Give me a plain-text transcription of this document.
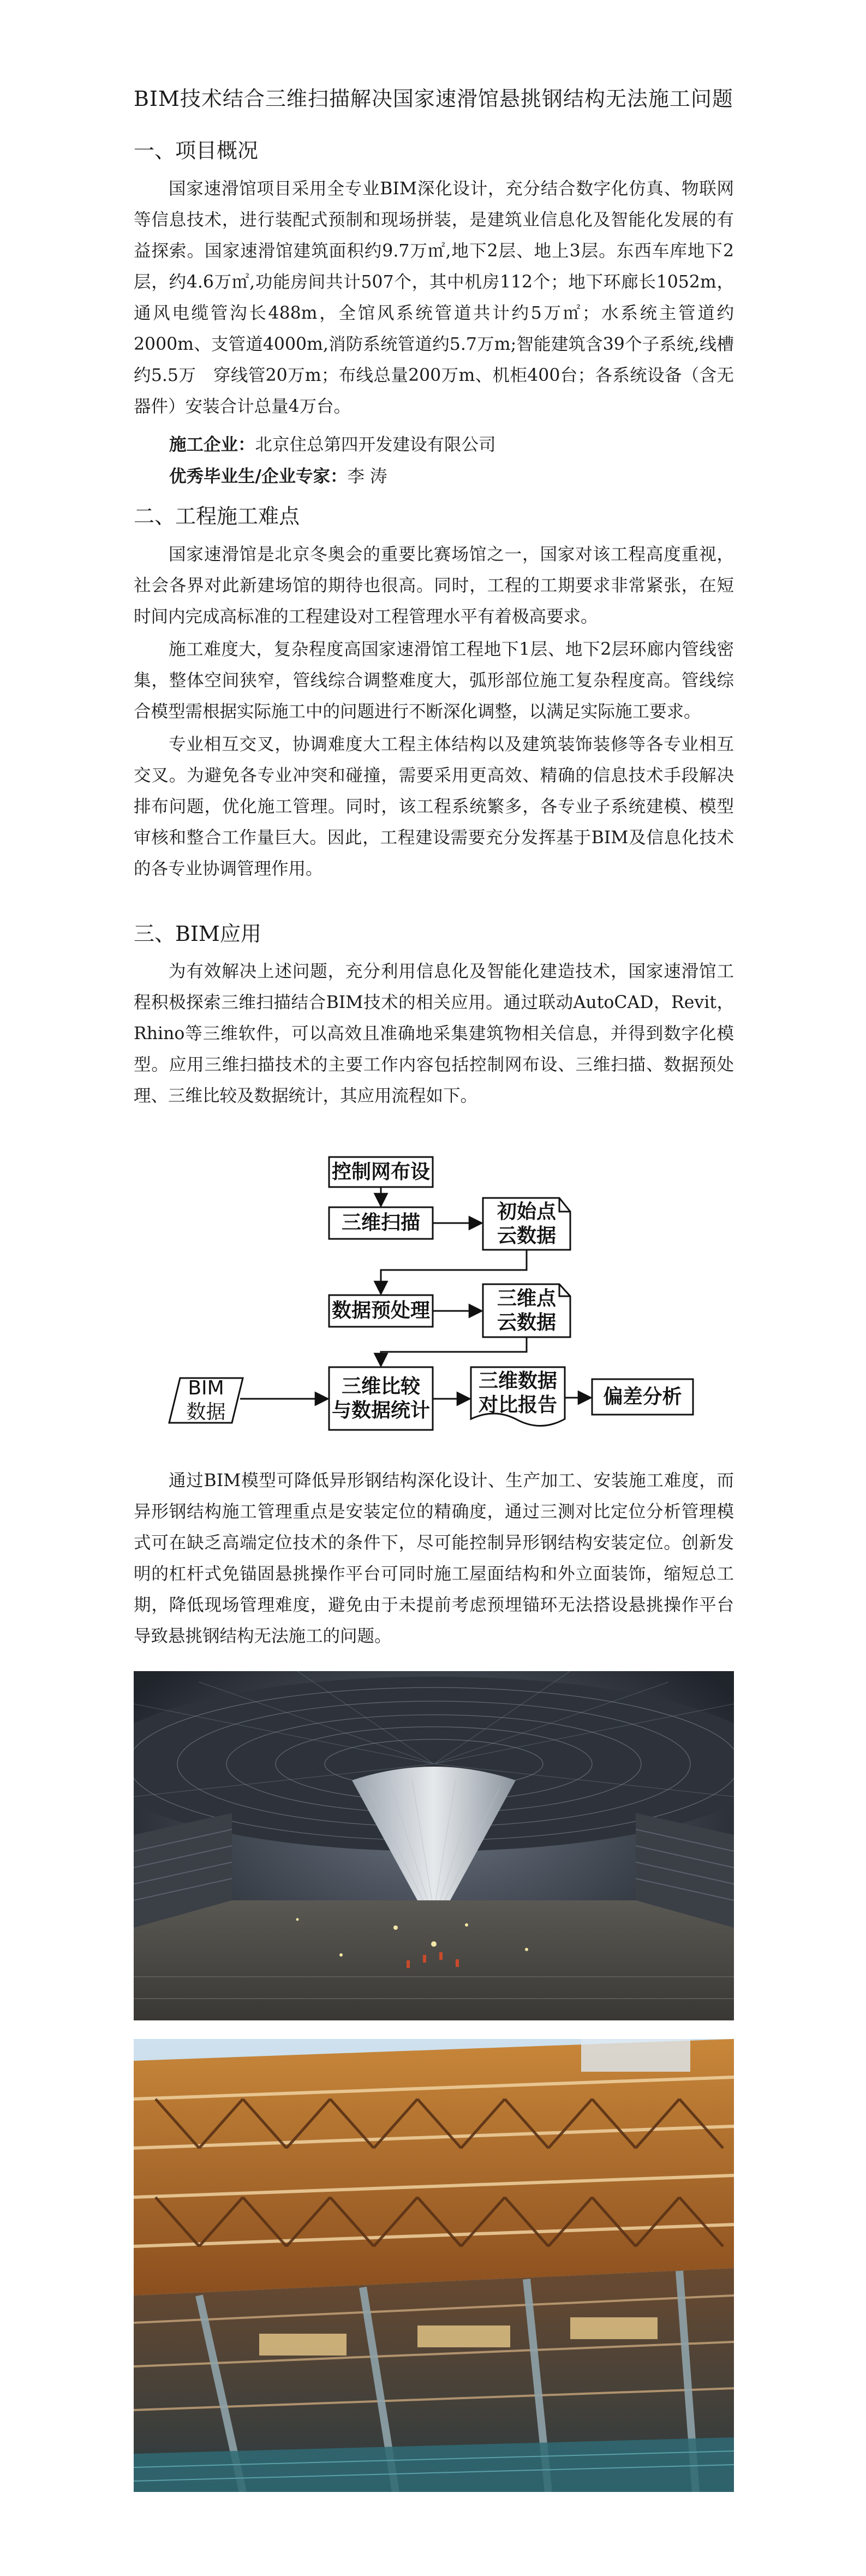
BIM技术结合三维扫描解决国家速滑馆悬挑钢结构无法施工问题
一、项目概况
国家速滑馆项目采用全专业BIM深化设计，充分结合数字化仿真、物联网等信息技术，进行装配式预制和现场拼装，是建筑业信息化及智能化发展的有益探索。国家速滑馆建筑面积约9.7万㎡,地下2层、地上3层。东西车库地下2层，约4.6万㎡,功能房间共计507个，其中机房112个；地下环廊长1052m，通风电缆管沟长488m，全馆风系统管道共计约5万㎡；水系统主管道约2000m、支管道4000m,消防系统管道约5.7万m;智能建筑含39个子系统,线槽约5.5万　穿线管20万m；布线总量200万m、机柜400台；各系统设备（含无器件）安装合计总量4万台。
施工企业：北京住总第四开发建设有限公司
优秀毕业生/企业专家：李 涛
二、工程施工难点
国家速滑馆是北京冬奥会的重要比赛场馆之一，国家对该工程高度重视，社会各界对此新建场馆的期待也很高。同时，工程的工期要求非常紧张，在短时间内完成高标准的工程建设对工程管理水平有着极高要求。
施工难度大，复杂程度高国家速滑馆工程地下1层、地下2层环廊内管线密集，整体空间狭窄，管线综合调整难度大，弧形部位施工复杂程度高。管线综合模型需根据实际施工中的问题进行不断深化调整，以满足实际施工要求。
专业相互交叉，协调难度大工程主体结构以及建筑装饰装修等各专业相互交叉。为避免各专业冲突和碰撞，需要采用更高效、精确的信息技术手段解决排布问题，优化施工管理。同时，该工程系统繁多，各专业子系统建模、模型审核和整合工作量巨大。因此，工程建设需要充分发挥基于BIM及信息化技术的各专业协调管理作用。
三、BIM应用
为有效解决上述问题，充分利用信息化及智能化建造技术，国家速滑馆工程积极探索三维扫描结合BIM技术的相关应用。通过联动AutoCAD，Revit，Rhino等三维软件，可以高效且准确地采集建筑物相关信息，并得到数字化模型。应用三维扫描技术的主要工作内容包括控制网布设、三维扫描、数据预处理、三维比较及数据统计，其应用流程如下。
控制网布设
三维扫描	初始点
云数据
数据预处理
三维点
云数据
BIM
数据
三维比较
与数据统计
三维数据
对比报告	偏差分析
通过BIM模型可降低异形钢结构深化设计、生产加工、安装施工难度，而异形钢结构施工管理重点是安装定位的精确度，通过三测对比定位分析管理模式可在缺乏高端定位技术的条件下，尽可能控制异形钢结构安装定位。创新发明的杠杆式免锚固悬挑操作平台可同时施工屋面结构和外立面装饰，缩短总工期，降低现场管理难度，避免由于未提前考虑预埋锚环无法搭设悬挑操作平台导致悬挑钢结构无法施工的问题。
